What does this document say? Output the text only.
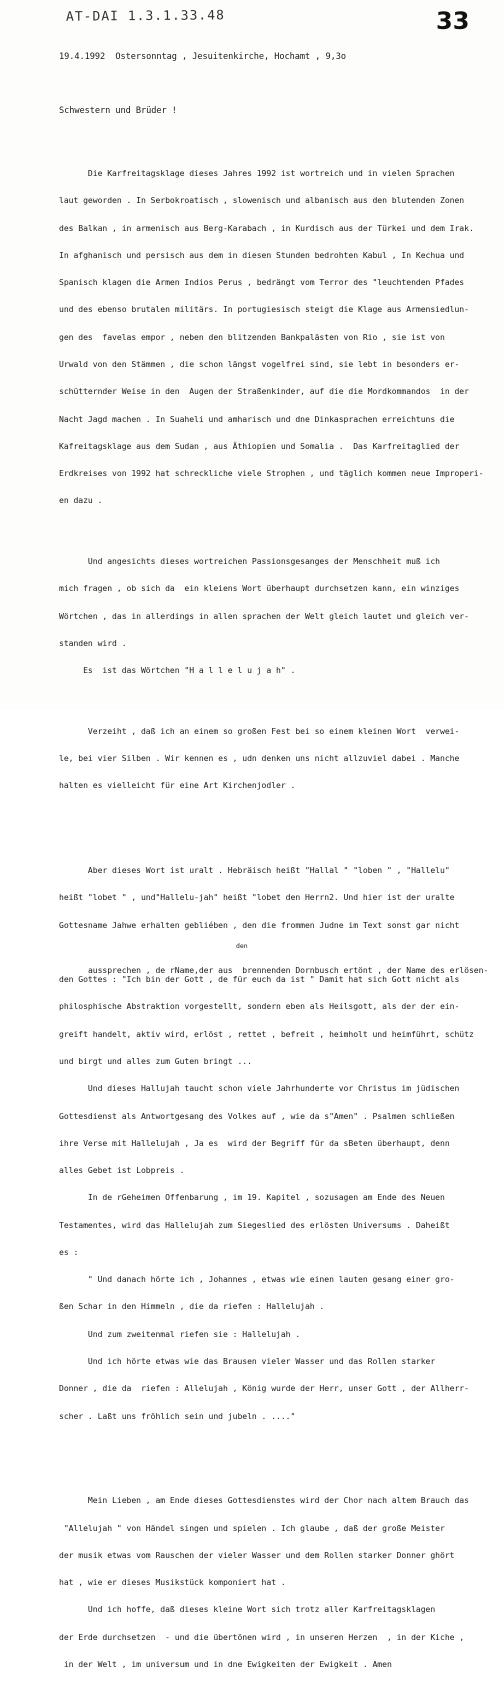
AT-DAI 1.3.1.33.48	33

19.4.1992  Ostersonntag , Jesuitenkirche, Hochamt , 9,3o

Schwestern und Brüder !

Die Karfreitagsklage dieses Jahres 1992 ist wortreich und in vielen Sprachen

laut geworden . In Serbokroatisch , slowenisch und albanisch aus den blutenden Zonen

des Balkan , in armenisch aus Berg-Karabach , in Kurdisch aus der Türkei und dem Irak.

In afghanisch und persisch aus dem in diesen Stunden bedrohten Kabul , In Kechua und

Spanisch klagen die Armen Indios Perus , bedrängt vom Terror des "leuchtenden Pfades

und des ebenso brutalen militärs. In portugiesisch steigt die Klage aus Armensiedlun-

gen des  favelas empor , neben den blitzenden Bankpalästen von Rio , sie ist von

Urwald von den Stämmen , die schon längst vogelfrei sind, sie lebt in besonders er-

schütternder Weise in den  Augen der Straßenkinder, auf die die Mordkommandos  in der

Nacht Jagd machen . In Suaheli und amharisch und dne Dinkasprachen erreichtuns die

Kafreitagsklage aus dem Sudan , aus Äthiopien und Somalia .  Das Karfreitaglied der

Erdkreises von 1992 hat schreckliche viele Strophen , und täglich kommen neue Improperi-

en dazu .

Und angesichts dieses wortreichen Passionsgesanges der Menschheit muß ich

mich fragen , ob sich da  ein kleiens Wort überhaupt durchsetzen kann, ein winziges

Wörtchen , das in allerdings in allen sprachen der Welt gleich lautet und gleich ver-

standen wird .

Es  ist das Wörtchen "H a l l e l u j a h" .

Verzeiht , daß ich an einem so großen Fest bei so einem kleinen Wort  verwei-

le, bei vier Silben . Wir kennen es , udn denken uns nicht allzuviel dabei . Manche

halten es vielleicht für eine Art Kirchenjodler .

Aber dieses Wort ist uralt . Hebräisch heißt "Hallal " "loben " , "Hallelu"

heißt "lobet " , und"Hallelu-jah" heißt "lobet den Herrn2. Und hier ist der uralte

Gottesname Jahwe erhalten gebliében , den die frommen Judne im Text sonst gar nicht

den

aussprechen , de rName,der aus  brennenden Dornbusch ertönt , der Name des erlösen-

den Gottes : "Ich bin der Gott , de für euch da ist " Damit hat sich Gott nicht als

philosphische Abstraktion vorgestellt, sondern eben als Heilsgott, als der der ein-

greift handelt, aktiv wird, erlöst , rettet , befreit , heimholt und heimführt, schütz

und birgt und alles zum Guten bringt ...

Und dieses Hallujah taucht schon viele Jahrhunderte vor Christus im jüdischen

Gottesdienst als Antwortgesang des Volkes auf , wie da s"Amen" . Psalmen schließen

ihre Verse mit Hallelujah , Ja es  wird der Begriff für da sBeten überhaupt, denn

alles Gebet ist Lobpreis .

In de rGeheimen Offenbarung , im 19. Kapitel , sozusagen am Ende des Neuen

Testamentes, wird das Hallelujah zum Siegeslied des erlösten Universums . Daheißt

es :

" Und danach hörte ich , Johannes , etwas wie einen lauten gesang einer gro-

ßen Schar in den Himmeln , die da riefen : Hallelujah .

Und zum zweitenmal riefen sie : Hallelujah .

Und ich hörte etwas wie das Brausen vieler Wasser und das Rollen starker

Donner , die da  riefen : Allelujah , König wurde der Herr, unser Gott , der Allherr-

scher . Laßt uns fröhlich sein und jubeln . ...."

Mein Lieben , am Ende dieses Gottesdienstes wird der Chor nach altem Brauch das

"Allelujah " von Händel singen und spielen . Ich glaube , daß der große Meister

der musik etwas vom Rauschen der vieler Wasser und dem Rollen starker Donner ghört

hat , wie er dieses Musikstück komponiert hat .

Und ich hoffe, daß dieses kleine Wort sich trotz aller Karfreitagsklagen

der Erde durchsetzen  - und die übertönen wird , in unseren Herzen  , in der Kiche ,

in der Welt , im universum und in dne Ewigkeiten der Ewigkeit . Amen
